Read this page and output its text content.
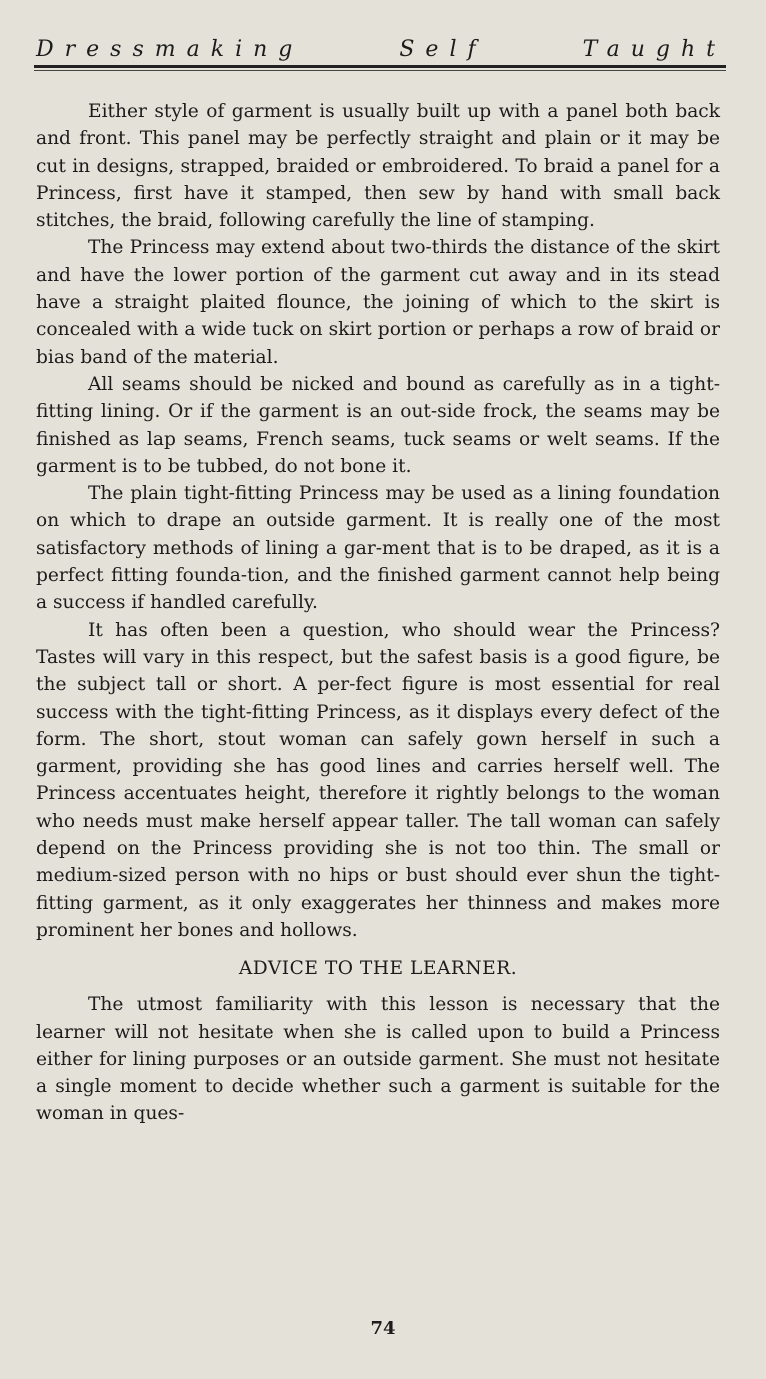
Dressmaking	Self	Taught

Either style of garment is usually built up with a panel both back and front. This panel may be perfectly straight and plain or it may be cut in designs, strapped, braided or embroidered. To braid a panel for a Princess, first have it stamped, then sew by hand with small back stitches, the braid, following carefully the line of stamping.

The Princess may extend about two-thirds the distance of the skirt and have the lower portion of the garment cut away and in its stead have a straight plaited flounce, the joining of which to the skirt is concealed with a wide tuck on skirt portion or perhaps a row of braid or bias band of the material.

All seams should be nicked and bound as carefully as in a tight-fitting lining. Or if the garment is an out-side frock, the seams may be finished as lap seams, French seams, tuck seams or welt seams. If the garment is to be tubbed, do not bone it.

The plain tight-fitting Princess may be used as a lining foundation on which to drape an outside garment. It is really one of the most satisfactory methods of lining a gar-ment that is to be draped, as it is a perfect fitting founda-tion, and the finished garment cannot help being a success if handled carefully.

It has often been a question, who should wear the Princess? Tastes will vary in this respect, but the safest basis is a good figure, be the subject tall or short. A per-fect figure is most essential for real success with the tight-fitting Princess, as it displays every defect of the form. The short, stout woman can safely gown herself in such a garment, providing she has good lines and carries herself well. The Princess accentuates height, therefore it rightly belongs to the woman who needs must make herself appear taller. The tall woman can safely depend on the Princess providing she is not too thin. The small or medium-sized person with no hips or bust should ever shun the tight-fitting garment, as it only exaggerates her thinness and makes more prominent her bones and hollows.

ADVICE TO THE LEARNER.

The utmost familiarity with this lesson is necessary that the learner will not hesitate when she is called upon to build a Princess either for lining purposes or an outside garment. She must not hesitate a single moment to decide whether such a garment is suitable for the woman in ques-

74
